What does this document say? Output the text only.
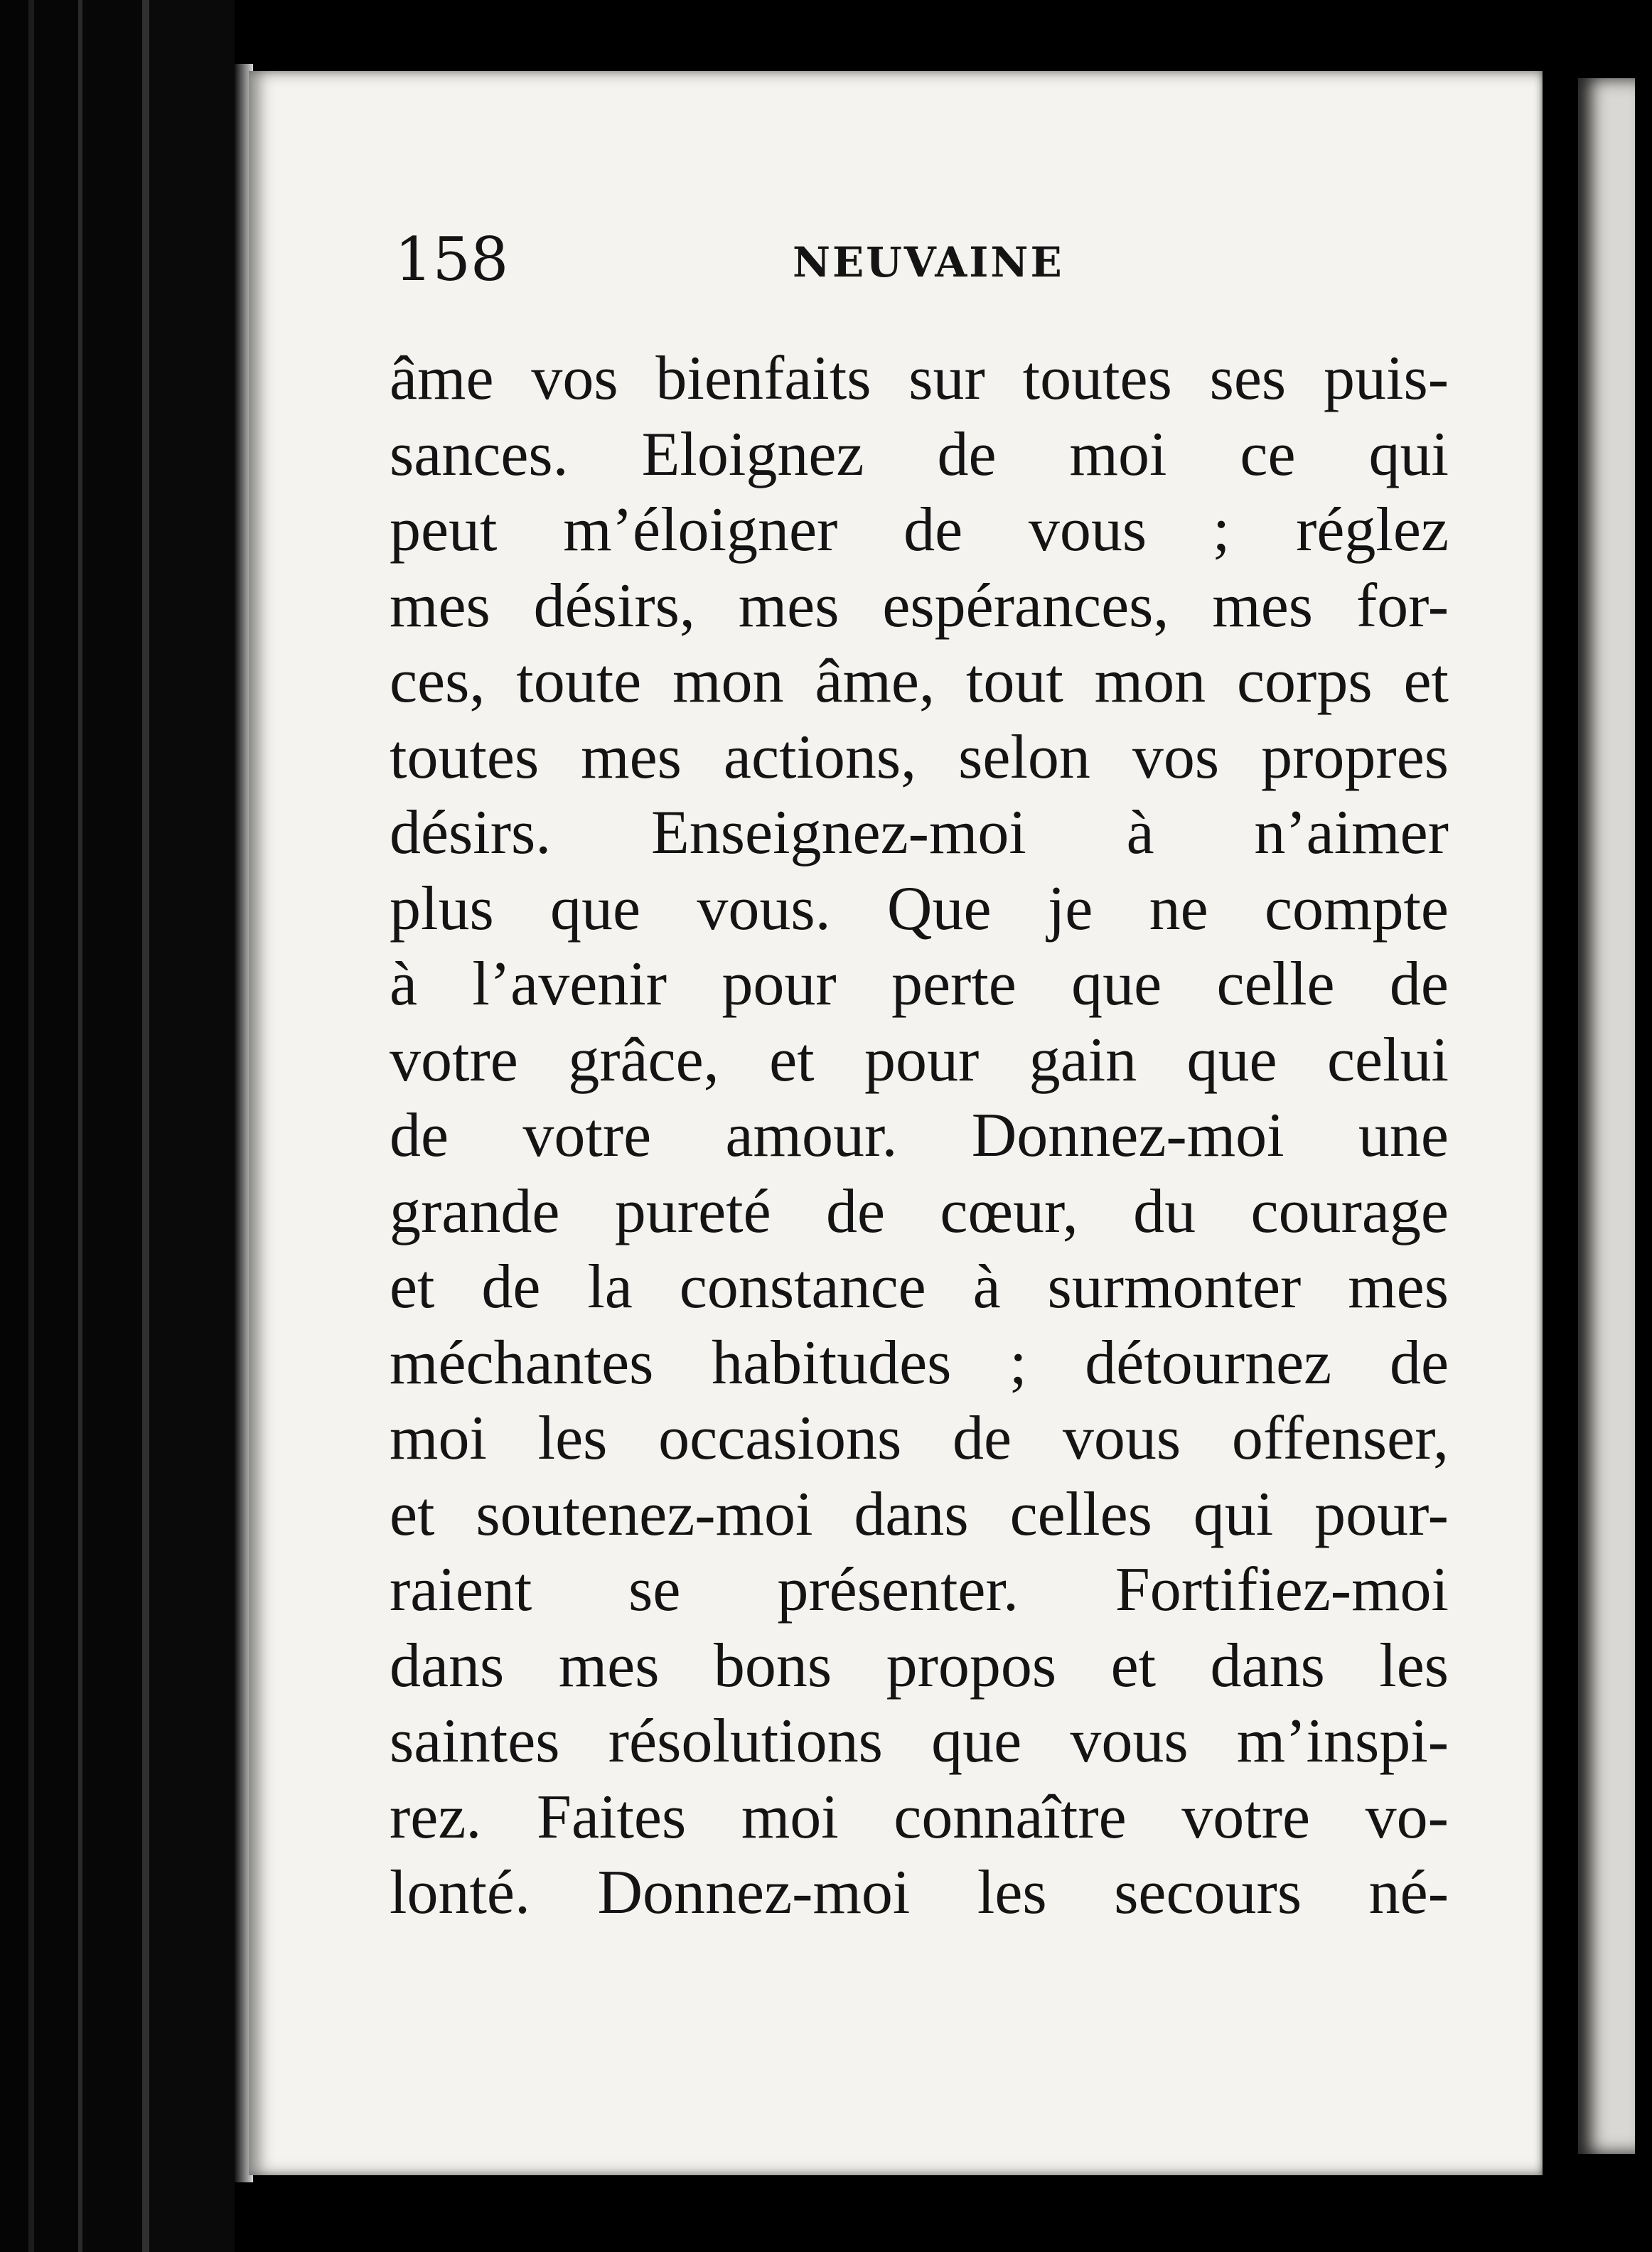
158	NEUVAINE
âme vos bienfaits sur toutes ses puis-
sances. Eloignez de moi ce qui
peut m’éloigner de vous ; réglez
mes désirs, mes espérances, mes for-
ces, toute mon âme, tout mon corps et
toutes mes actions, selon vos propres
désirs. Enseignez-moi à n’aimer
plus que vous. Que je ne compte
à l’avenir pour perte que celle de
votre grâce, et pour gain que celui
de votre amour. Donnez-moi une
grande pureté de cœur, du courage
et de la constance à surmonter mes
méchantes habitudes ; détournez de
moi les occasions de vous offenser,
et soutenez-moi dans celles qui pour-
raient se présenter. Fortifiez-moi
dans mes bons propos et dans les
saintes résolutions que vous m’inspi-
rez. Faites moi connaître votre vo-
lonté. Donnez-moi les secours né-
